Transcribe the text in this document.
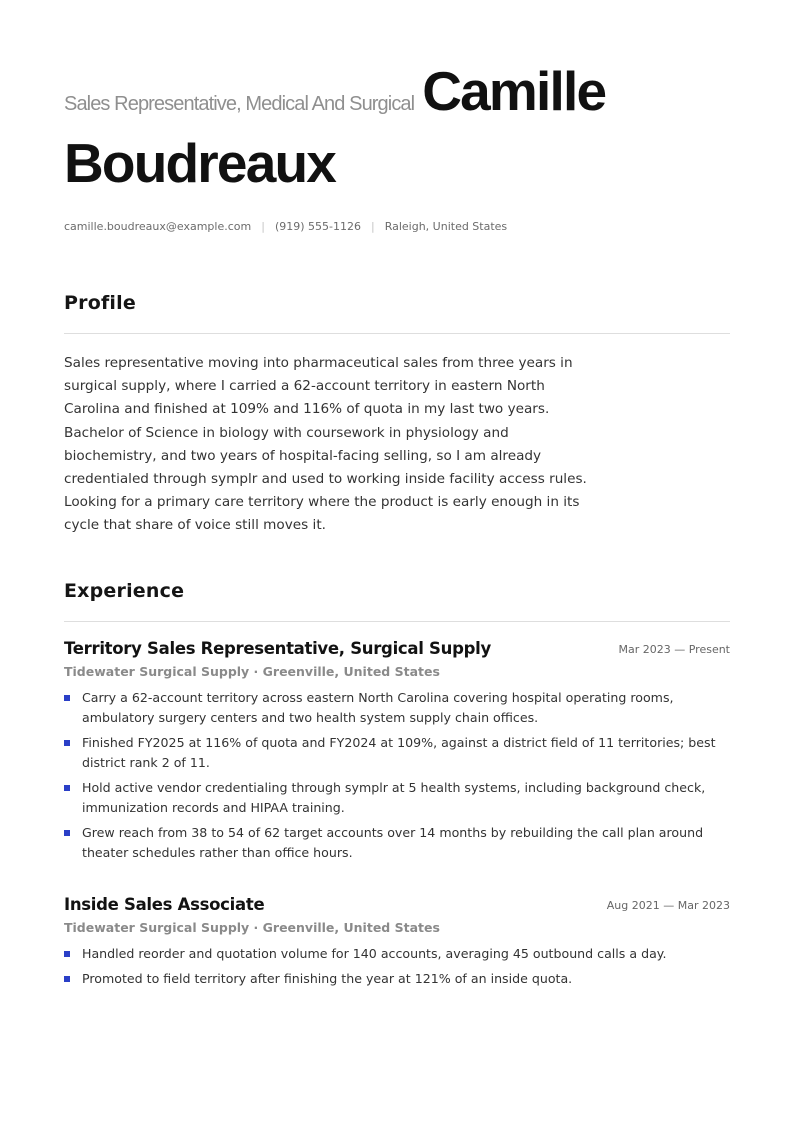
Sales Representative, Medical And Surgical Camille
Boudreaux
camille.boudreaux@example.com | (919) 555-1126 | Raleigh, United States
Profile
Sales representative moving into pharmaceutical sales from three years in surgical supply, where I carried a 62-account territory in eastern North Carolina and finished at 109% and 116% of quota in my last two years. Bachelor of Science in biology with coursework in physiology and biochemistry, and two years of hospital-facing selling, so I am already credentialed through symplr and used to working inside facility access rules. Looking for a primary care territory where the product is early enough in its cycle that share of voice still moves it.
Experience
Territory Sales Representative, Surgical Supply	Mar 2023 — Present
Tidewater Surgical Supply · Greenville, United States
Carry a 62-account territory across eastern North Carolina covering hospital operating rooms, ambulatory surgery centers and two health system supply chain offices.
Finished FY2025 at 116% of quota and FY2024 at 109%, against a district field of 11 territories; best district rank 2 of 11.
Hold active vendor credentialing through symplr at 5 health systems, including background check, immunization records and HIPAA training.
Grew reach from 38 to 54 of 62 target accounts over 14 months by rebuilding the call plan around theater schedules rather than office hours.
Inside Sales Associate	Aug 2021 — Mar 2023
Tidewater Surgical Supply · Greenville, United States
Handled reorder and quotation volume for 140 accounts, averaging 45 outbound calls a day.
Promoted to field territory after finishing the year at 121% of an inside quota.
